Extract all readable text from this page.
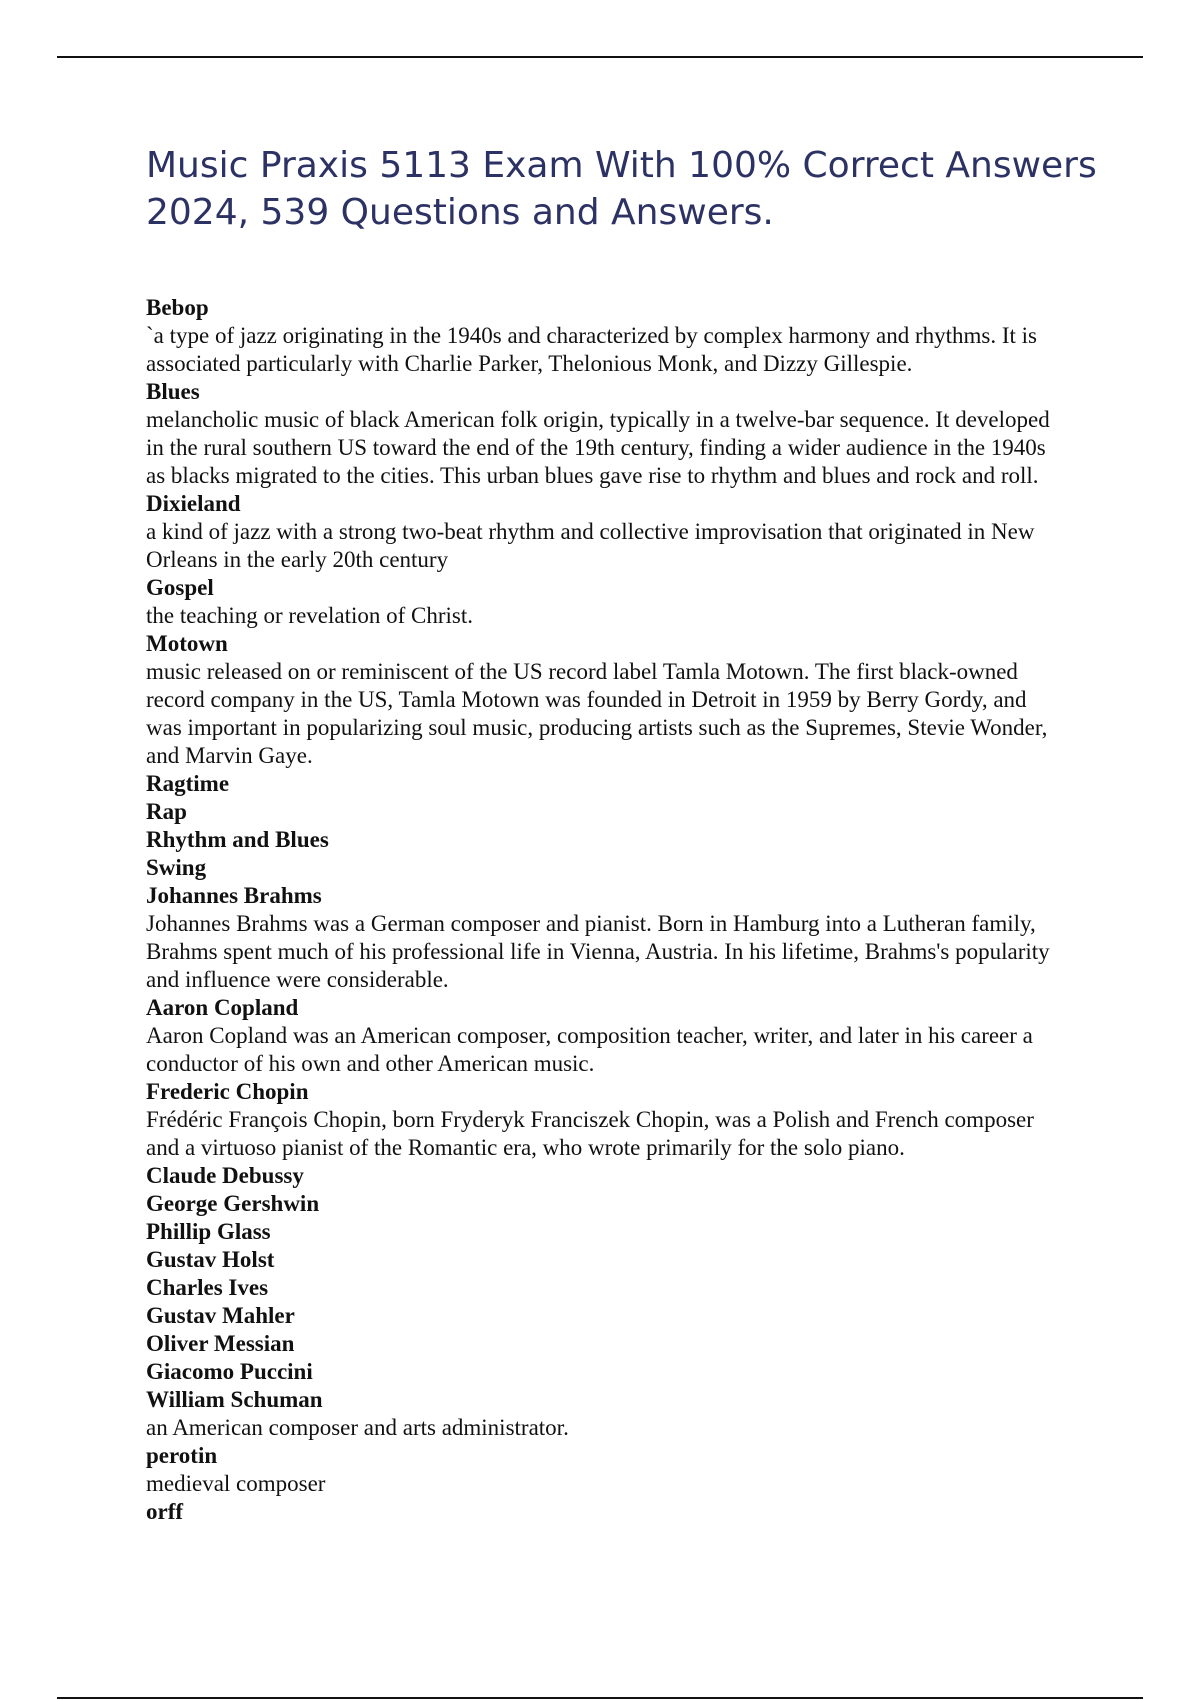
Music Praxis 5113 Exam With 100% Correct Answers 2024, 539 Questions and Answers.

Bebop

`a type of jazz originating in the 1940s and characterized by complex harmony and rhythms. It is associated particularly with Charlie Parker, Thelonious Monk, and Dizzy Gillespie.

Blues

melancholic music of black American folk origin, typically in a twelve-bar sequence. It developed in the rural southern US toward the end of the 19th century, finding a wider audience in the 1940s as blacks migrated to the cities. This urban blues gave rise to rhythm and blues and rock and roll.

Dixieland

a kind of jazz with a strong two-beat rhythm and collective improvisation that originated in New Orleans in the early 20th century

Gospel

the teaching or revelation of Christ.

Motown

music released on or reminiscent of the US record label Tamla Motown. The first black-owned record company in the US, Tamla Motown was founded in Detroit in 1959 by Berry Gordy, and was important in popularizing soul music, producing artists such as the Supremes, Stevie Wonder, and Marvin Gaye.

Ragtime

Rap

Rhythm and Blues

Swing

Johannes Brahms

Johannes Brahms was a German composer and pianist. Born in Hamburg into a Lutheran family, Brahms spent much of his professional life in Vienna, Austria. In his lifetime, Brahms's popularity and influence were considerable.

Aaron Copland

Aaron Copland was an American composer, composition teacher, writer, and later in his career a conductor of his own and other American music.

Frederic Chopin

Frédéric François Chopin, born Fryderyk Franciszek Chopin, was a Polish and French composer and a virtuoso pianist of the Romantic era, who wrote primarily for the solo piano.

Claude Debussy

George Gershwin

Phillip Glass

Gustav Holst

Charles Ives

Gustav Mahler

Oliver Messian

Giacomo Puccini

William Schuman

an American composer and arts administrator.

perotin

medieval composer

orff
